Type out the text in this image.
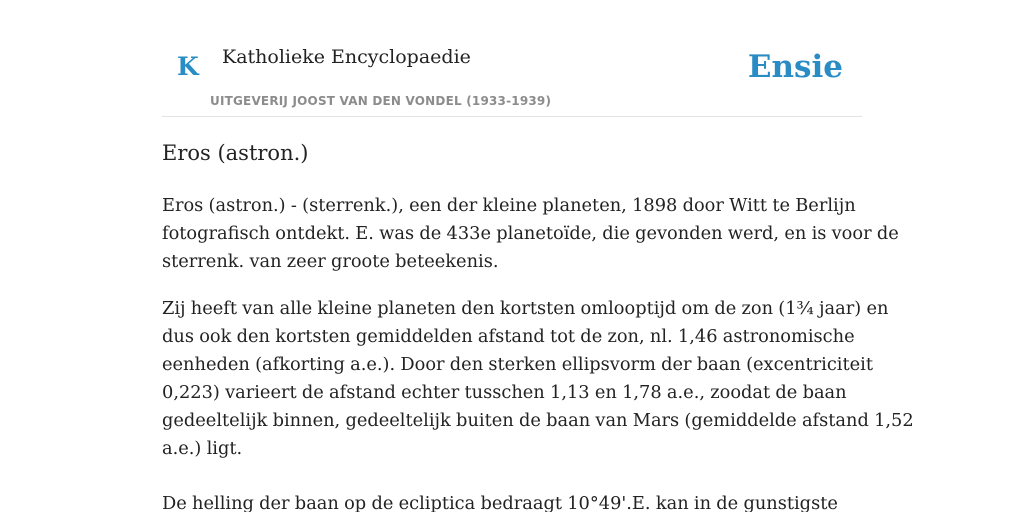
K Katholieke Encyclopaedie
UITGEVERIJ JOOST VAN DEN VONDEL (1933-1939)
Ensie
Eros (astron.)

Eros (astron.) - (sterrenk.), een der kleine planeten, 1898 door Witt te Berlijn
fotografisch ontdekt. E. was de 433e planetoïde, die gevonden werd, en is voor de
sterrenk. van zeer groote beteekenis.

Zij heeft van alle kleine planeten den kortsten omlooptijd om de zon (1¾ jaar) en
dus ook den kortsten gemiddelden afstand tot de zon, nl. 1,46 astronomische
eenheden (afkorting a.e.). Door den sterken ellipsvorm der baan (excentriciteit
0,223) varieert de afstand echter tusschen 1,13 en 1,78 a.e., zoodat de baan
gedeeltelijk binnen, gedeeltelijk buiten de baan van Mars (gemiddelde afstand 1,52
a.e.) ligt.

De helling der baan op de ecliptica bedraagt 10°49'.E. kan in de gunstigste
